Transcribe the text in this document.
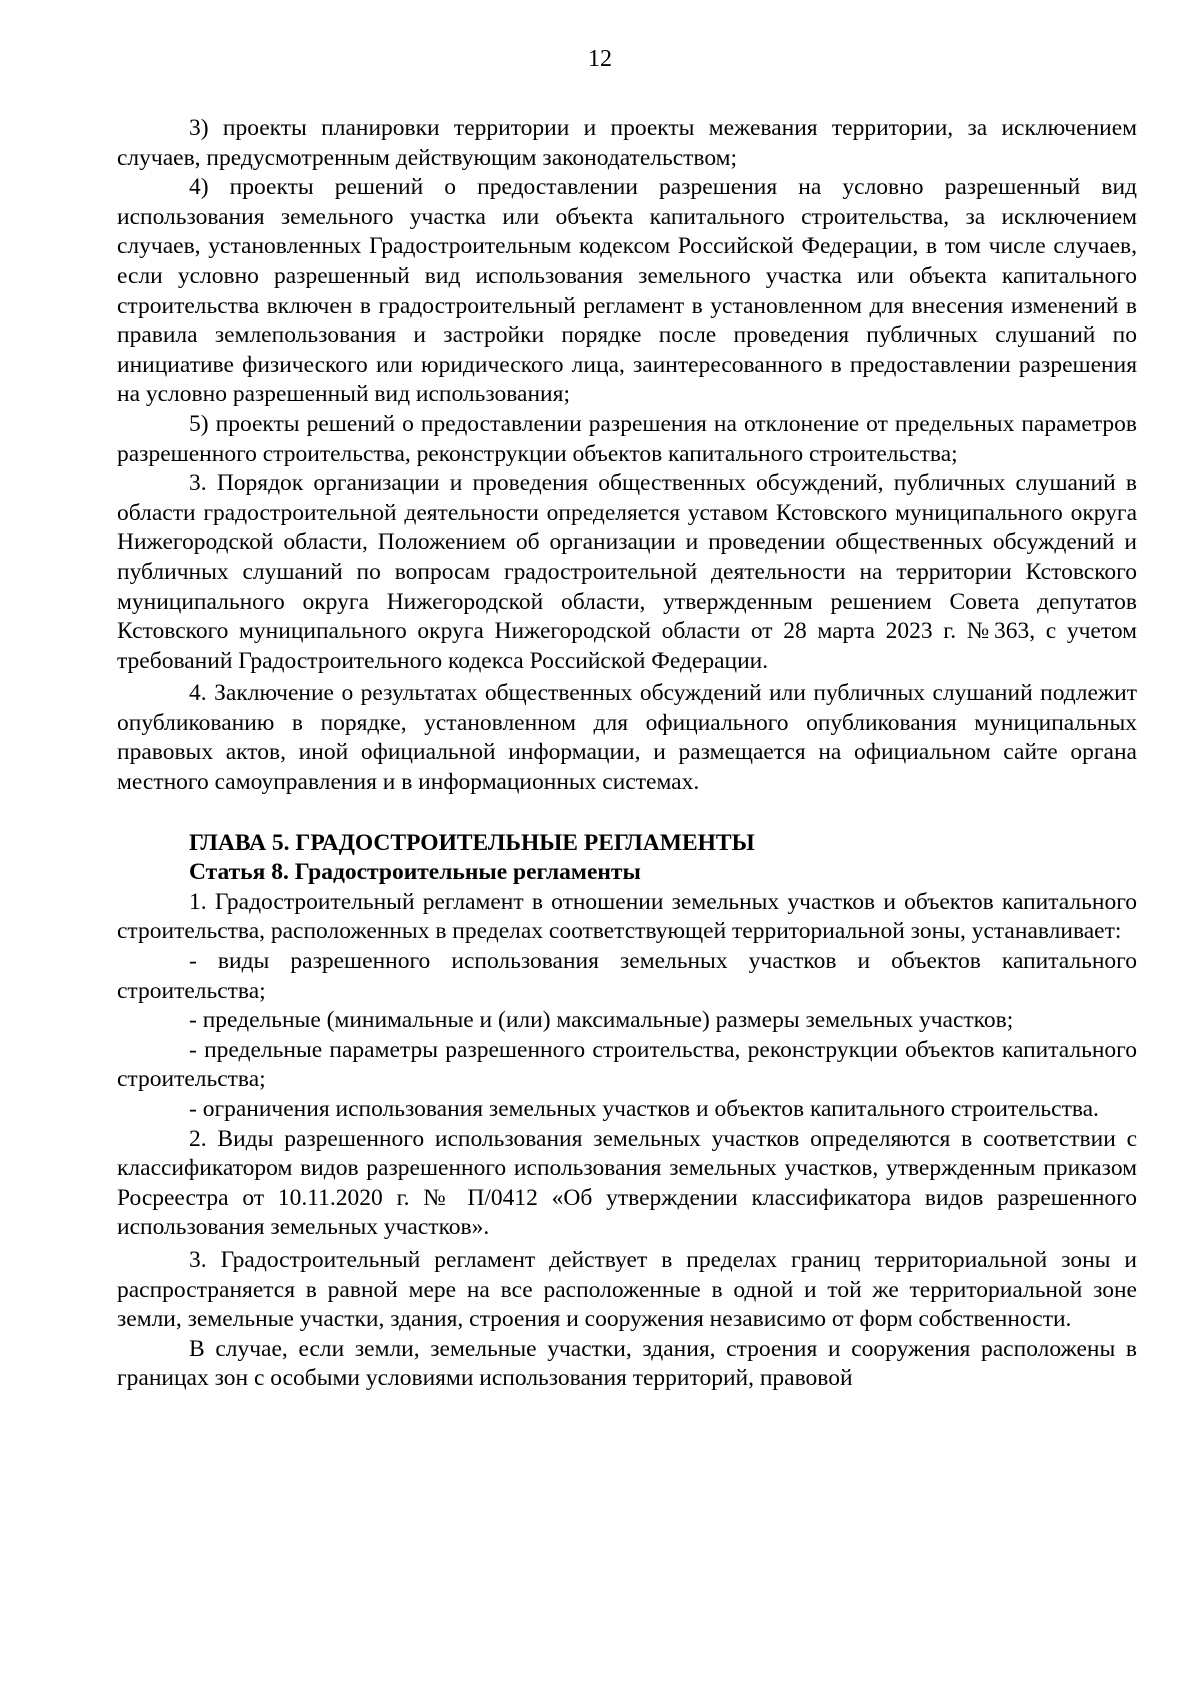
12

3) проекты планировки территории и проекты межевания территории, за исключением случаев, предусмотренным действующим законодательством;

4) проекты решений о предоставлении разрешения на условно разрешенный вид использования земельного участка или объекта капитального строительства, за исключением случаев, установленных Градостроительным кодексом Российской Федерации, в том числе случаев, если условно разрешенный вид использования земельного участка или объекта капитального строительства включен в градостроительный регламент в установленном для внесения изменений в правила землепользования и застройки порядке после проведения публичных слушаний по инициативе физического или юридического лица, заинтересованного в предоставлении разрешения на условно разрешенный вид использования;

5) проекты решений о предоставлении разрешения на отклонение от предельных параметров разрешенного строительства, реконструкции объектов капитального строительства;

3. Порядок организации и проведения общественных обсуждений, публичных слушаний в области градостроительной деятельности определяется уставом Кстовского муниципального округа Нижегородской области, Положением об организации и проведении общественных обсуждений и публичных слушаний по вопросам градостроительной деятельности на территории Кстовского муниципального округа Нижегородской области, утвержденным решением Совета депутатов Кстовского муниципального округа Нижегородской области от 28 марта 2023 г. №363, с учетом требований Градостроительного кодекса Российской Федерации.

4. Заключение о результатах общественных обсуждений или публичных слушаний подлежит опубликованию в порядке, установленном для официального опубликования муниципальных правовых актов, иной официальной информации, и размещается на официальном сайте органа местного самоуправления и в информационных системах.

ГЛАВА 5. ГРАДОСТРОИТЕЛЬНЫЕ РЕГЛАМЕНТЫ

Статья 8. Градостроительные регламенты

1. Градостроительный регламент в отношении земельных участков и объектов капитального строительства, расположенных в пределах соответствующей территориальной зоны, устанавливает:

- виды разрешенного использования земельных участков и объектов капитального строительства;

- предельные (минимальные и (или) максимальные) размеры земельных участков;

- предельные параметры разрешенного строительства, реконструкции объектов капитального строительства;

- ограничения использования земельных участков и объектов капитального строительства.

2. Виды разрешенного использования земельных участков определяются в соответствии с классификатором видов разрешенного использования земельных участков, утвержденным приказом Росреестра от 10.11.2020 г. № П/0412 «Об утверждении классификатора видов разрешенного использования земельных участков».

3. Градостроительный регламент действует в пределах границ территориальной зоны и распространяется в равной мере на все расположенные в одной и той же территориальной зоне земли, земельные участки, здания, строения и сооружения независимо от форм собственности.

В случае, если земли, земельные участки, здания, строения и сооружения расположены в границах зон с особыми условиями использования территорий, правовой
